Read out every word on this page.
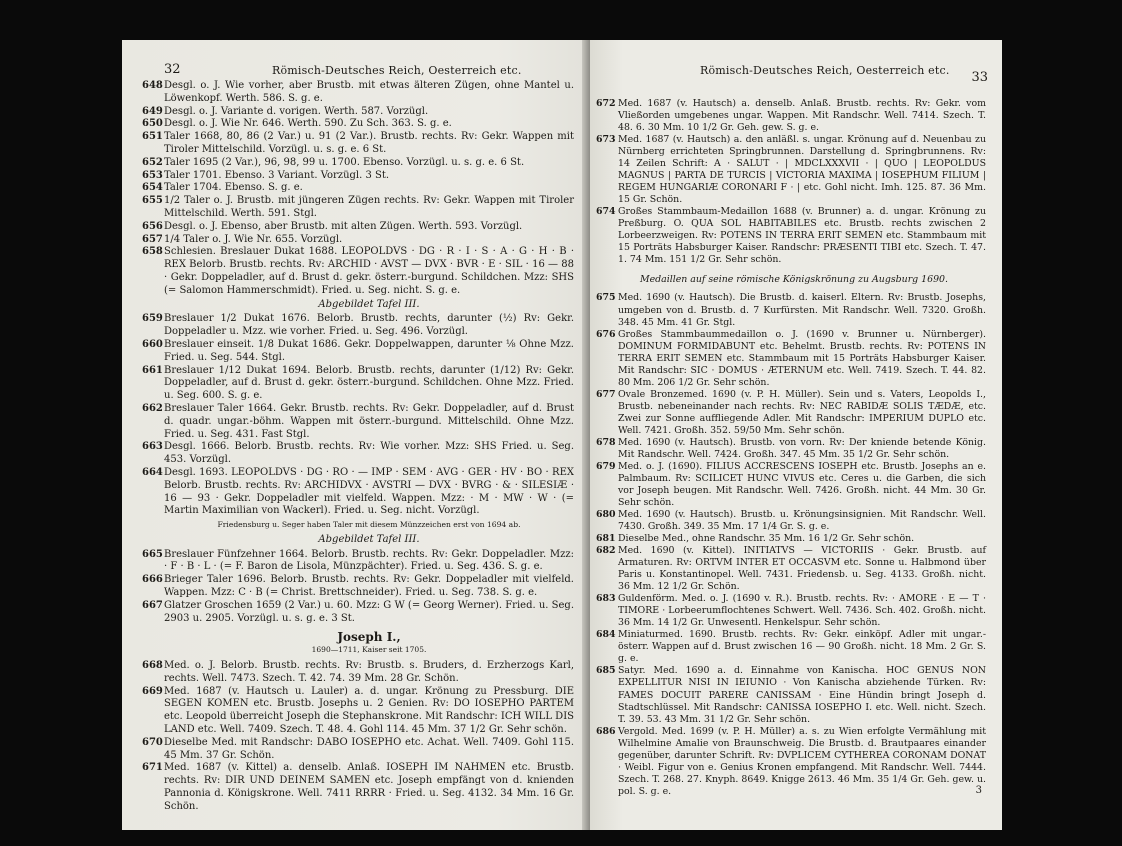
32	Römisch-Deutsches Reich, Oesterreich etc.
648 Desgl. o. J. Wie vorher, aber Brustb. mit etwas älteren Zügen, ohne Mantel u. Löwenkopf. Werth. 586. S. g. e.
649 Desgl. o. J. Variante d. vorigen. Werth. 587. Vorzügl.
650 Desgl. o. J. Wie Nr. 646. Werth. 590. Zu Sch. 363. S. g. e.
651 Taler 1668, 80, 86 (2 Var.) u. 91 (2 Var.). Brustb. rechts. Rv: Gekr. Wappen mit Tiroler Mittelschild. Vorzügl. u. s. g. e. 6 St.
652 Taler 1695 (2 Var.), 96, 98, 99 u. 1700. Ebenso. Vorzügl. u. s. g. e. 6 St.
653 Taler 1701. Ebenso. 3 Variant. Vorzügl. 3 St.
654 Taler 1704. Ebenso. S. g. e.
655 1/2 Taler o. J. Brustb. mit jüngeren Zügen rechts. Rv: Gekr. Wappen mit Tiroler Mittelschild. Werth. 591. Stgl.
656 Desgl. o. J. Ebenso, aber Brustb. mit alten Zügen. Werth. 593. Vorzügl.
657 1/4 Taler o. J. Wie Nr. 655. Vorzügl.
658 Schlesien. Breslauer Dukat 1688. LEOPOLDVS · DG · R · I · S · A · G · H · B · REX Belorb. Brustb. rechts. Rv: ARCHID · AVST — DVX · BVR · E · SIL · 16 — 88 · Gekr. Doppeladler, auf d. Brust d. gekr. österr.-burgund. Schildchen. Mzz: SHS (= Salomon Hammerschmidt). Fried. u. Seg. nicht. S. g. e.
Abgebildet Tafel III.
659 Breslauer 1/2 Dukat 1676. Belorb. Brustb. rechts, darunter (½) Rv: Gekr. Doppeladler u. Mzz. wie vorher. Fried. u. Seg. 496. Vorzügl.
660 Breslauer einseit. 1/8 Dukat 1686. Gekr. Doppelwappen, darunter ⅛ Ohne Mzz. Fried. u. Seg. 544. Stgl.
661 Breslauer 1/12 Dukat 1694. Belorb. Brustb. rechts, darunter (1/12) Rv: Gekr. Doppeladler, auf d. Brust d. gekr. österr.-burgund. Schildchen. Ohne Mzz. Fried. u. Seg. 600. S. g. e.
662 Breslauer Taler 1664. Gekr. Brustb. rechts. Rv: Gekr. Doppeladler, auf d. Brust d. quadr. ungar.-böhm. Wappen mit österr.-burgund. Mittelschild. Ohne Mzz. Fried. u. Seg. 431. Fast Stgl.
663 Desgl. 1666. Belorb. Brustb. rechts. Rv: Wie vorher. Mzz: SHS Fried. u. Seg. 453. Vorzügl.
664 Desgl. 1693. LEOPOLDVS · DG · RO · — IMP · SEM · AVG · GER · HV · BO · REX Belorb. Brustb. rechts. Rv: ARCHIDVX · AVSTRI — DVX · BVRG · & · SILESIÆ · 16 — 93 · Gekr. Doppeladler mit vielfeld. Wappen. Mzz: · M · MW · W · (= Martin Maximilian von Wackerl). Fried. u. Seg. nicht. Vorzügl.
Friedensburg u. Seger haben Taler mit diesem Münzzeichen erst von 1694 ab.
Abgebildet Tafel III.
665 Breslauer Fünfzehner 1664. Belorb. Brustb. rechts. Rv: Gekr. Doppeladler. Mzz: · F · B · L · (= F. Baron de Lisola, Münzpächter). Fried. u. Seg. 436. S. g. e.
666 Brieger Taler 1696. Belorb. Brustb. rechts. Rv: Gekr. Doppeladler mit vielfeld. Wappen. Mzz: C · B (= Christ. Brettschneider). Fried. u. Seg. 738. S. g. e.
667 Glatzer Groschen 1659 (2 Var.) u. 60. Mzz: G W (= Georg Werner). Fried. u. Seg. 2903 u. 2905. Vorzügl. u. s. g. e. 3 St.
Joseph I.,
1690—1711, Kaiser seit 1705.
668 Med. o. J. Belorb. Brustb. rechts. Rv: Brustb. s. Bruders, d. Erzherzogs Karl, rechts. Well. 7473. Szech. T. 42. 74. 39 Mm. 28 Gr. Schön.
669 Med. 1687 (v. Hautsch u. Lauler) a. d. ungar. Krönung zu Pressburg. DIE SEGEN KOMEN etc. Brustb. Josephs u. 2 Genien. Rv: DO IOSEPHO PARTEM etc. Leopold überreicht Joseph die Stephanskrone. Mit Randschr: ICH WILL DIS LAND etc. Well. 7409. Szech. T. 48. 4. Gohl 114. 45 Mm. 37 1/2 Gr. Sehr schön.
670 Dieselbe Med. mit Randschr: DABO IOSEPHO etc. Achat. Well. 7409. Gohl 115. 45 Mm. 37 Gr. Schön.
671 Med. 1687 (v. Kittel) a. denselb. Anlaß. IOSEPH IM NAHMEN etc. Brustb. rechts. Rv: DIR UND DEINEM SAMEN etc. Joseph empfängt von d. knienden Pannonia d. Königskrone. Well. 7411 RRRR · Fried. u. Seg. 4132. 34 Mm. 16 Gr. Schön.
Römisch-Deutsches Reich, Oesterreich etc. 33
672 Med. 1687 (v. Hautsch) a. denselb. Anlaß. Brustb. rechts. Rv: Gekr. vom Vließorden umgebenes ungar. Wappen. Mit Randschr. Well. 7414. Szech. T. 48. 6. 30 Mm. 10 1/2 Gr. Geh. gew. S. g. e.
673 Med. 1687 (v. Hautsch) a. den anläßl. s. ungar. Krönung auf d. Neuenbau zu Nürnberg errichteten Springbrunnen. Darstellung d. Springbrunnens. Rv: 14 Zeilen Schrift: A · SALUT · | MDCLXXXVII · | QUO | LEOPOLDUS MAGNUS | PARTA DE TURCIS | VICTORIA MAXIMA | IOSEPHUM FILIUM | REGEM HUNGARIÆ CORONARI F · | etc. Gohl nicht. Imh. 125. 87. 36 Mm. 15 Gr. Schön.
674 Großes Stammbaum-Medaillon 1688 (v. Brunner) a. d. ungar. Krönung zu Preßburg. O. QUA SOL HABITABILES etc. Brustb. rechts zwischen 2 Lorbeerzweigen. Rv: POTENS IN TERRA ERIT SEMEN etc. Stammbaum mit 15 Porträts Habsburger Kaiser. Randschr: PRÆSENTI TIBI etc. Szech. T. 47. 1. 74 Mm. 151 1/2 Gr. Sehr schön.
Medaillen auf seine römische Königskrönung zu Augsburg 1690.
675 Med. 1690 (v. Hautsch). Die Brustb. d. kaiserl. Eltern. Rv: Brustb. Josephs, umgeben von d. Brustb. d. 7 Kurfürsten. Mit Randschr. Well. 7320. Großh. 348. 45 Mm. 41 Gr. Stgl.
676 Großes Stammbaummedaillon o. J. (1690 v. Brunner u. Nürnberger). DOMINUM FORMIDABUNT etc. Behelmt. Brustb. rechts. Rv: POTENS IN TERRA ERIT SEMEN etc. Stammbaum mit 15 Porträts Habsburger Kaiser. Mit Randschr: SIC · DOMUS · ÆTERNUM etc. Well. 7419. Szech. T. 44. 82. 80 Mm. 206 1/2 Gr. Sehr schön.
677 Ovale Bronzemed. 1690 (v. P. H. Müller). Sein und s. Vaters, Leopolds I., Brustb. nebeneinander nach rechts. Rv: NEC RABIDÆ SOLIS TÆDÆ, etc. Zwei zur Sonne auffliegende Adler. Mit Randschr: IMPERIUM DUPLO etc. Well. 7421. Großh. 352. 59/50 Mm. Sehr schön.
678 Med. 1690 (v. Hautsch). Brustb. von vorn. Rv: Der kniende betende König. Mit Randschr. Well. 7424. Großh. 347. 45 Mm. 35 1/2 Gr. Sehr schön.
679 Med. o. J. (1690). FILIUS ACCRESCENS IOSEPH etc. Brustb. Josephs an e. Palmbaum. Rv: SCILICET HUNC VIVUS etc. Ceres u. die Garben, die sich vor Joseph beugen. Mit Randschr. Well. 7426. Großh. nicht. 44 Mm. 30 Gr. Sehr schön.
680 Med. 1690 (v. Hautsch). Brustb. u. Krönungsinsignien. Mit Randschr. Well. 7430. Großh. 349. 35 Mm. 17 1/4 Gr. S. g. e.
681 Dieselbe Med., ohne Randschr. 35 Mm. 16 1/2 Gr. Sehr schön.
682 Med. 1690 (v. Kittel). INITIATVS — VICTORIIS · Gekr. Brustb. auf Armaturen. Rv: ORTVM INTER ET OCCASVM etc. Sonne u. Halbmond über Paris u. Konstantinopel. Well. 7431. Friedensb. u. Seg. 4133. Großh. nicht. 36 Mm. 12 1/2 Gr. Schön.
683 Guldenförm. Med. o. J. (1690 v. R.). Brustb. rechts. Rv: · AMORE · E — T · TIMORE · Lorbeerumflochtenes Schwert. Well. 7436. Sch. 402. Großh. nicht. 36 Mm. 14 1/2 Gr. Unwesentl. Henkelspur. Sehr schön.
684 Miniaturmed. 1690. Brustb. rechts. Rv: Gekr. einköpf. Adler mit ungar.-österr. Wappen auf d. Brust zwischen 16 — 90 Großh. nicht. 18 Mm. 2 Gr. S. g. e.
685 Satyr. Med. 1690 a. d. Einnahme von Kanischa. HOC GENUS NON EXPELLITUR NISI IN IEIUNIO · Von Kanischa abziehende Türken. Rv: FAMES DOCUIT PARERE CANISSAM · Eine Hündin bringt Joseph d. Stadtschlüssel. Mit Randschr: CANISSA IOSEPHO I. etc. Well. nicht. Szech. T. 39. 53. 43 Mm. 31 1/2 Gr. Sehr schön.
686 Vergold. Med. 1699 (v. P. H. Müller) a. s. zu Wien erfolgte Vermählung mit Wilhelmine Amalie von Braunschweig. Die Brustb. d. Brautpaares einander gegenüber, darunter Schrift. Rv: DVPLICEM CYTHEREA CORONAM DONAT · Weibl. Figur von e. Genius Kronen empfangend. Mit Randschr. Well. 7444. Szech. T. 268. 27. Knyph. 8649. Knigge 2613. 46 Mm. 35 1/4 Gr. Geh. gew. u. pol. S. g. e.	3
